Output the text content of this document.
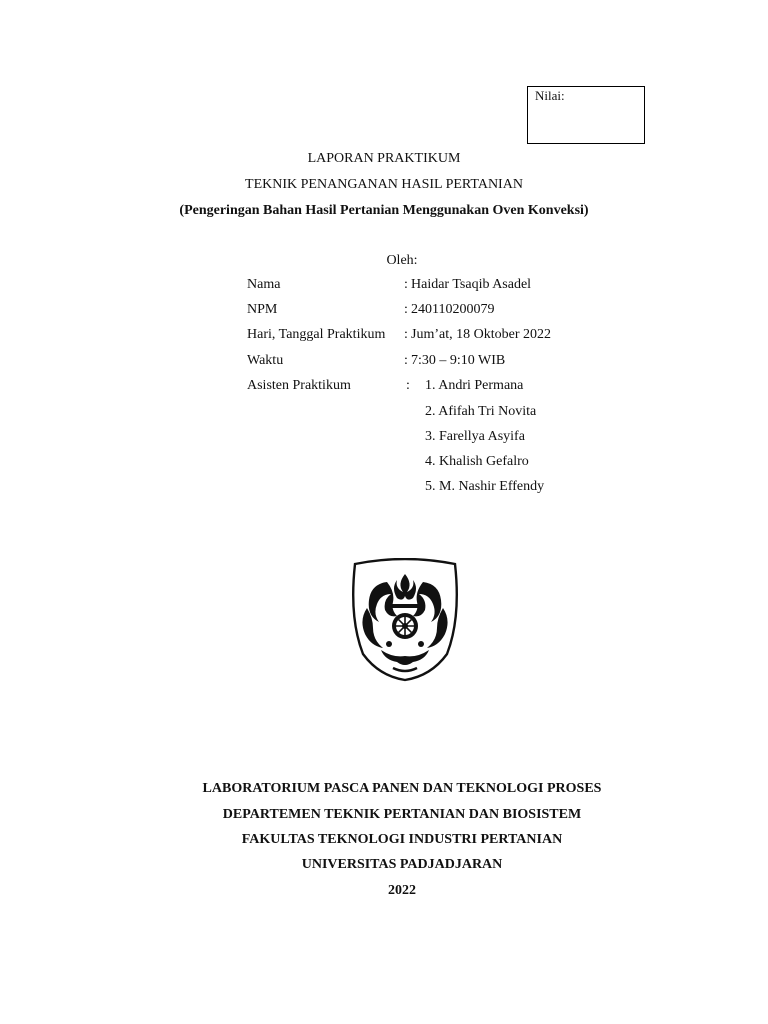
Nilai:
LAPORAN PRAKTIKUM
TEKNIK PENANGANAN HASIL PERTANIAN
(Pengeringan Bahan Hasil Pertanian Menggunakan Oven Konveksi)
Oleh:
Nama	: Haidar Tsaqib Asadel
NPM	: 240110200079
Hari, Tanggal Praktikum : Jum’at, 18 Oktober 2022
Waktu	: 7:30 – 9:10 WIB
Asisten Praktikum	: 1. Andri Permana
2. Afifah Tri Novita
3. Farellya Asyifa
4. Khalish Gefalro
5. M. Nashir Effendy
LABORATORIUM PASCA PANEN DAN TEKNOLOGI PROSES
DEPARTEMEN TEKNIK PERTANIAN DAN BIOSISTEM
FAKULTAS TEKNOLOGI INDUSTRI PERTANIAN
UNIVERSITAS PADJADJARAN
2022
